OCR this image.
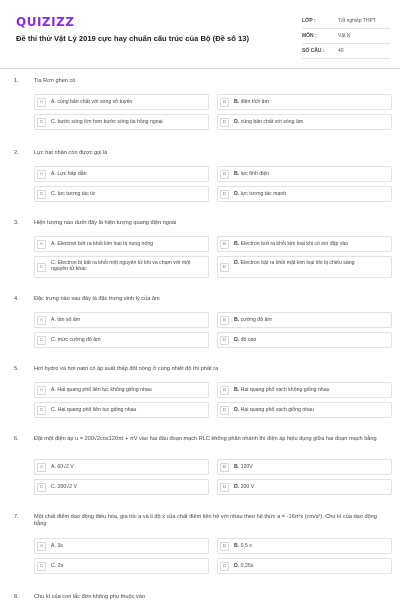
QUIZIZZ
Đề thi thử Vật Lý 2019 cực hay chuẩn cấu trúc của Bộ (Đề số 13)
LỚP :	Tốt nghiệp THPT
MÔN :	Vật lý
SỐ CÂU :	40
1.	Tia Rơn ghen có
A	A. cùng bản chất với sóng vô tuyến	B	B. điện tích âm
C	C. bước sóng lớn hơn bước sóng tia hồng ngoại	D	D. cùng bản chất với sóng âm
2.	Lực hạt nhân còn được gọi là
A	A. Lực hấp dẫn	B	B. lực tĩnh điện
C	C. lực tương tác từ	D	D. lực tương tác mạnh
3.	Hiện tượng nào dưới đây là hiện tượng quang điện ngoài
A	A. Electron bứt ra khỏi kim loại bị nung nóng	B	B. Electron bứt ra khỏi kim loại khi có ion đập vào
C
C. Electron bị bật ra khỏi một nguyên tử khi va chạm với một nguyên tử khác	D
D. Electron bật ra khỏi mặt kim loại khi bị chiếu sáng
4.	Đặc trưng nào sau đây là đặc trưng sinh lý của âm
A	A. tần số âm	B	B. cường độ âm
C	C. mức cường độ âm	D	D. độ cao
5.	Hơi hydro và hơi natri có áp suất thấp đốt nóng ở cùng nhiệt độ thì phát ra
A	A. Hai quang phổ liên tục không giống nhau	B	B. Hai quang phổ vạch không giống nhau
C	C. Hai quang phổ liên tục giống nhau	D	D. Hai quang phổ vạch giống nhau
6.	Đặt một điện áp u = 200√2cos120πt + πV vào hai đầu đoạn mạch RLC không phân nhánh thì điện áp hiệu dụng giữa hai đoạn mạch bằng
A	A. 60√2 V	B	B. 120V
C	C. 200√2 V	D	D. 200 V
7.	Một chất điểm dao động điều hòa, gia tốc a và li độ x của chất điểm liên hệ với nhau theo hệ thức a = -16π²x (cm/s²). Chu kì của dao động bằng
A	A. 3s	B	B. 0,5 s
C	C. 2s	D	D. 0,25s
8.	Chu kì của con lắc đơn không phụ thuộc vào
